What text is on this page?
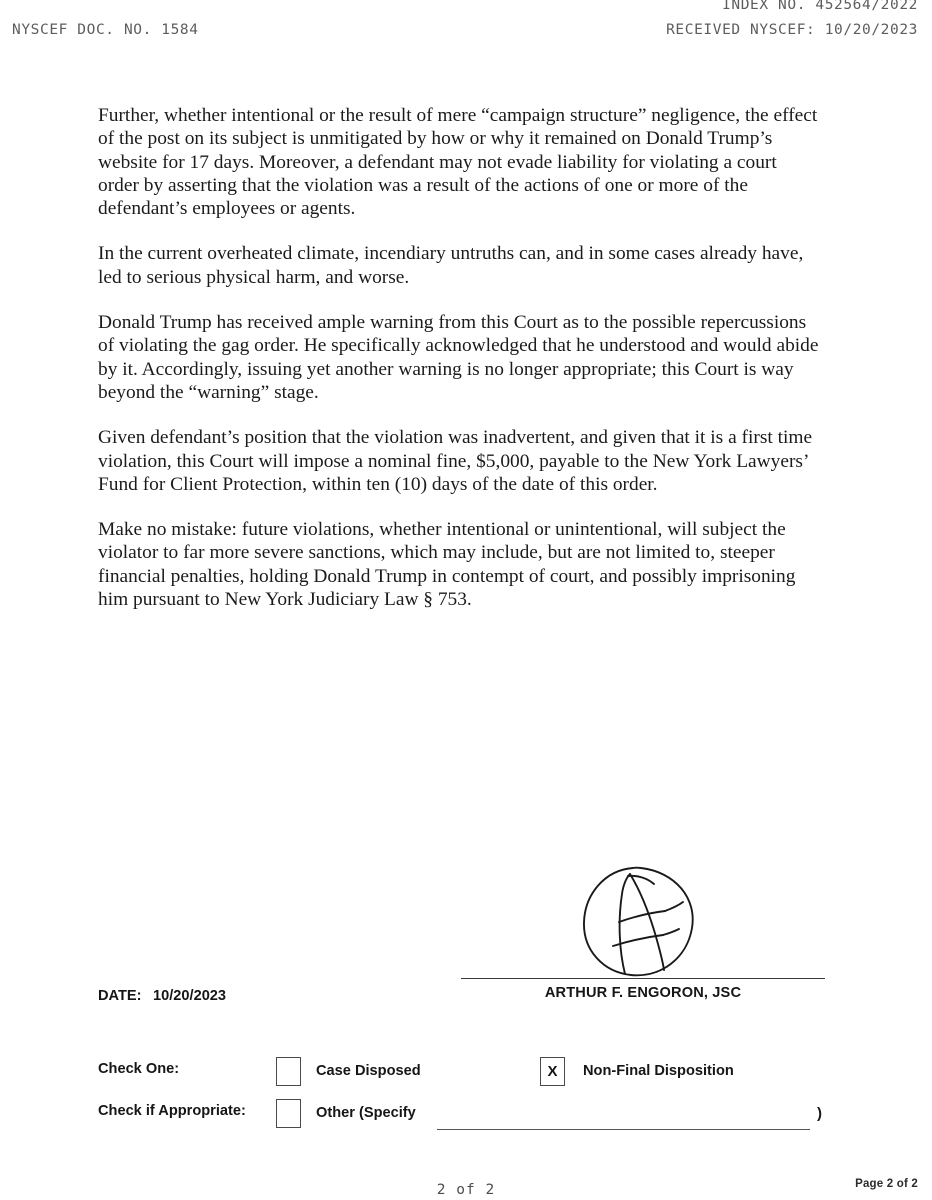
INDEX NO. 452564/2022
NYSCEF DOC. NO. 1584	RECEIVED NYSCEF: 10/20/2023

Further, whether intentional or the result of mere “campaign structure” negligence, the effect of the post on its subject is unmitigated by how or why it remained on Donald Trump’s website for 17 days. Moreover, a defendant may not evade liability for violating a court order by asserting that the violation was a result of the actions of one or more of the defendant’s employees or agents.

In the current overheated climate, incendiary untruths can, and in some cases already have, led to serious physical harm, and worse.

Donald Trump has received ample warning from this Court as to the possible repercussions of violating the gag order. He specifically acknowledged that he understood and would abide by it. Accordingly, issuing yet another warning is no longer appropriate; this Court is way beyond the “warning” stage.

Given defendant’s position that the violation was inadvertent, and given that it is a first time violation, this Court will impose a nominal fine, $5,000, payable to the New York Lawyers’ Fund for Client Protection, within ten (10) days of the date of this order.

Make no mistake: future violations, whether intentional or unintentional, will subject the violator to far more severe sanctions, which may include, but are not limited to, steeper financial penalties, holding Donald Trump in contempt of court, and possibly imprisoning him pursuant to New York Judiciary Law § 753.

ARTHUR F. ENGORON, JSC
DATE: 10/20/2023
Check One:	Case Disposed	X	Non-Final Disposition
Check if Appropriate:	Other (Specify	)
2 of 2	Page 2 of 2
